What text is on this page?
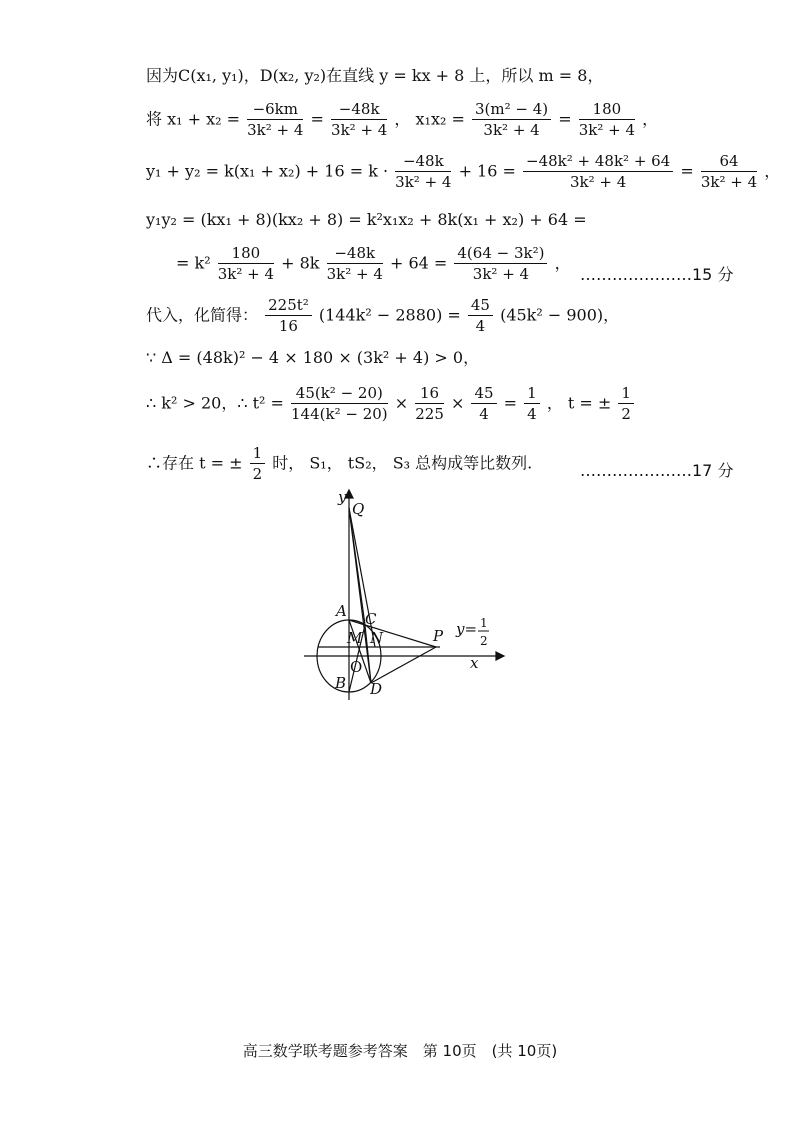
因为C(x₁, y₁)，D(x₂, y₂)在直线 y = kx + 8 上，所以 m = 8，
将 $x_1 + x_2 = \frac{-6km}{\text{3k² + 4}} = \frac{-48k}{\text{3k² + 4}}$ ， $x_1x_2 = \frac{\text{3(m² − 4)}}{\text{3k² + 4}} = \frac{180}{\text{3k² + 4}}$ ，
$y_1 + y_2 = k(x_1 + x_2) + 16 = k \cdot \frac{-48k}{\text{3k² + 4}} + 16 = \frac{\text{−48k² + 48k² + 64}}{\text{3k² + 4}} = \frac{64}{\text{3k² + 4}}$ ，
y₁y₂ = (kx₁ + 8)(kx₂ + 8) = k²x₁x₂ + 8k(x₁ + x₂) + 64 =
= $k^2 \frac{180}{\text{3k² + 4}} + 8k \frac{-48k}{\text{3k² + 4}} + 64 = \frac{\text{4(64 − 3k²)}}{\text{3k² + 4}}$ ，
…………………15 分
代入，化简得： $\frac{\text{225t²}}{16} (144k^2 - 2880) = \frac{45}{4} (45k^2 - 900)$，
∵ Δ = (48k)² − 4 × 180 × (3k² + 4) > 0，
∴ k² > 20，∴ $t^2 = \frac{\text{45(k² − 20)}}{\text{144(k² − 20)}} \times \frac{16}{225} \times \frac{45}{4} = \frac{1}{4}$ ， t = ± $\frac{1}{2}$
∴存在 t = ± $\frac{1}{2}$ 时， S₁， tS₂， S₃ 总构成等比数列.	…………………17 分
y
Q
A C
M N	P
O
B D
x
y= 1
2
高三数学联考题参考答案　第 10页　(共 10页)
